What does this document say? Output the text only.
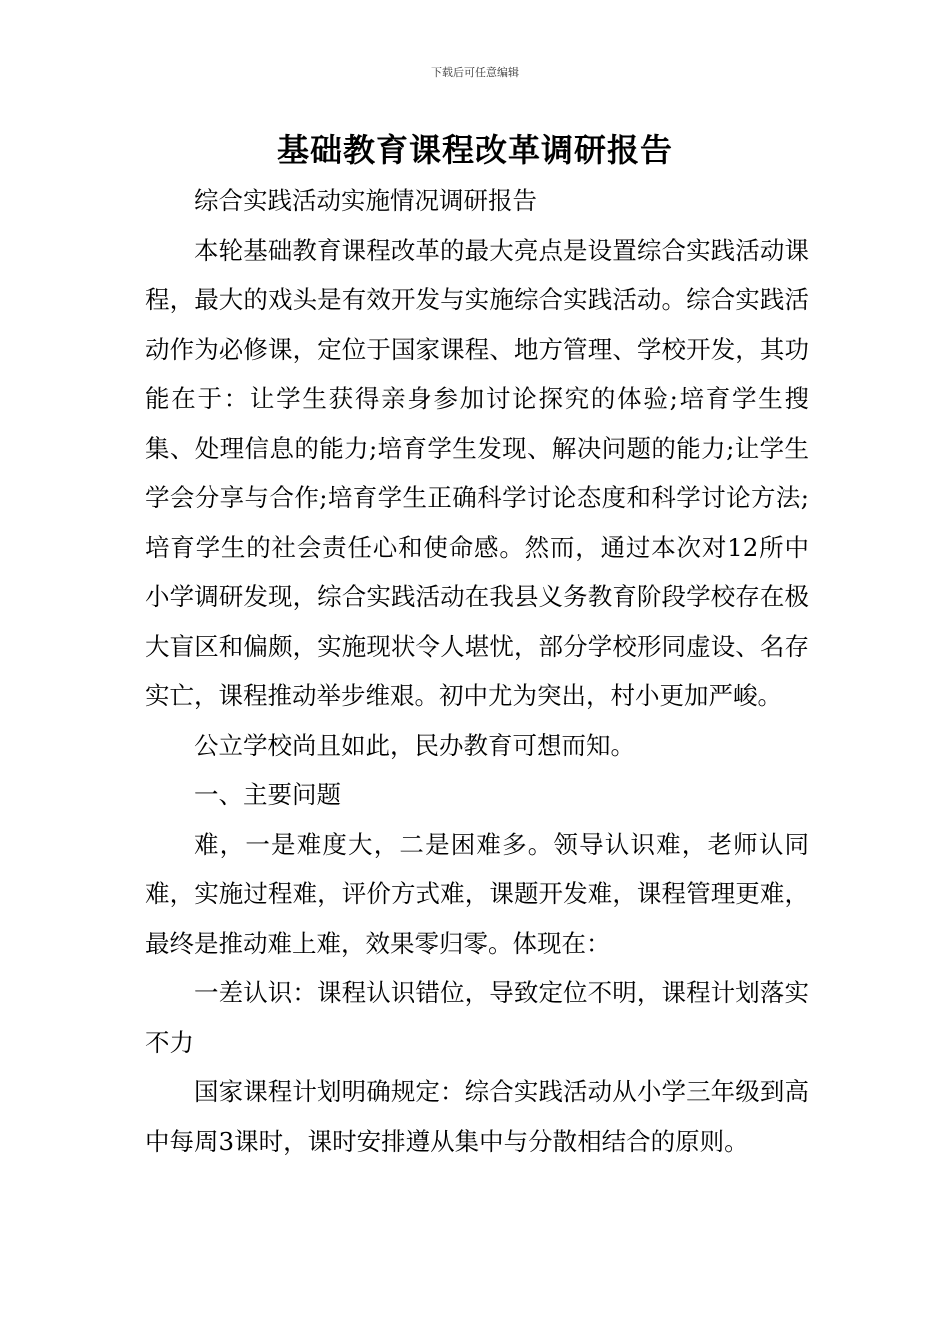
下载后可任意编辑
基础教育课程改革调研报告

综合实践活动实施情况调研报告

本轮基础教育课程改革的最大亮点是设置综合实践活动课程，最大的戏头是有效开发与实施综合实践活动。综合实践活动作为必修课，定位于国家课程、地方管理、学校开发，其功能在于：让学生获得亲身参加讨论探究的体验;培育学生搜集、处理信息的能力;培育学生发现、解决问题的能力;让学生学会分享与合作;培育学生正确科学讨论态度和科学讨论方法;培育学生的社会责任心和使命感。然而，通过本次对12所中小学调研发现，综合实践活动在我县义务教育阶段学校存在极大盲区和偏颇，实施现状令人堪忧，部分学校形同虚设、名存实亡，课程推动举步维艰。初中尤为突出，村小更加严峻。

公立学校尚且如此，民办教育可想而知。

一、主要问题

难，一是难度大，二是困难多。领导认识难，老师认同难，实施过程难，评价方式难，课题开发难，课程管理更难，最终是推动难上难，效果零归零。体现在：

一差认识：课程认识错位，导致定位不明，课程计划落实不力

国家课程计划明确规定：综合实践活动从小学三年级到高中每周3课时，课时安排遵从集中与分散相结合的原则。
